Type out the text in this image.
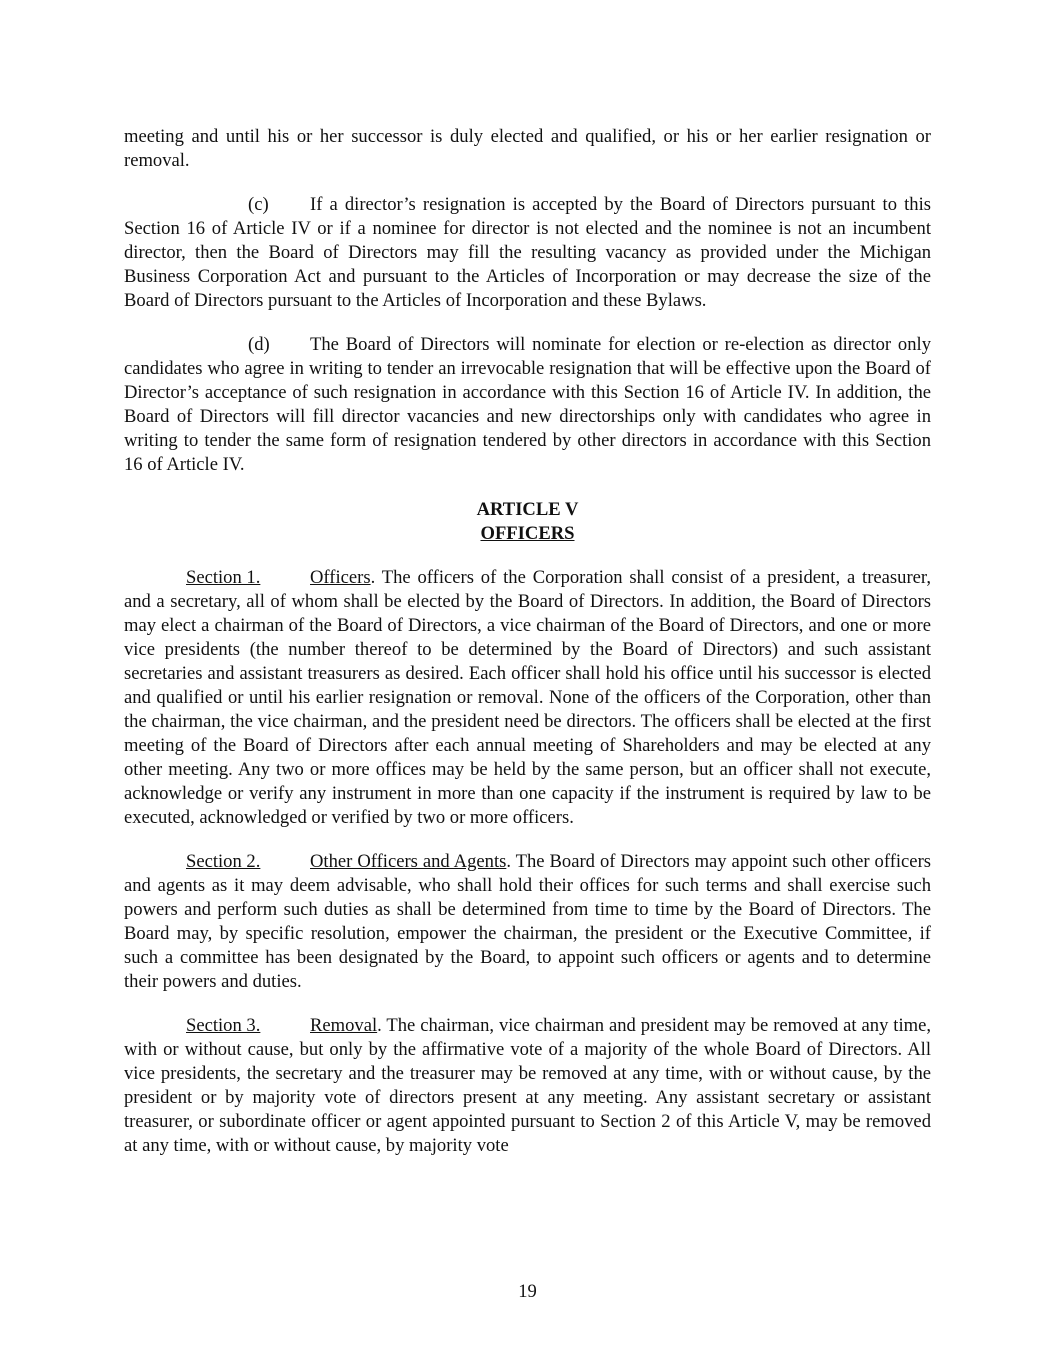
meeting and until his or her successor is duly elected and qualified, or his or her earlier resignation or removal.

(c) If a director’s resignation is accepted by the Board of Directors pursuant to this Section 16 of Article IV or if a nominee for director is not elected and the nominee is not an incumbent director, then the Board of Directors may fill the resulting vacancy as provided under the Michigan Business Corporation Act and pursuant to the Articles of Incorporation or may decrease the size of the Board of Directors pursuant to the Articles of Incorporation and these Bylaws.

(d) The Board of Directors will nominate for election or re-election as director only candidates who agree in writing to tender an irrevocable resignation that will be effective upon the Board of Director’s acceptance of such resignation in accordance with this Section 16 of Article IV. In addition, the Board of Directors will fill director vacancies and new directorships only with candidates who agree in writing to tender the same form of resignation tendered by other directors in accordance with this Section 16 of Article IV.

ARTICLE V
OFFICERS

Section 1.	Officers. The officers of the Corporation shall consist of a president, a treasurer, and a secretary, all of whom shall be elected by the Board of Directors. In addition, the Board of Directors may elect a chairman of the Board of Directors, a vice chairman of the Board of Directors, and one or more vice presidents (the number thereof to be determined by the Board of Directors) and such assistant secretaries and assistant treasurers as desired. Each officer shall hold his office until his successor is elected and qualified or until his earlier resignation or removal. None of the officers of the Corporation, other than the chairman, the vice chairman, and the president need be directors. The officers shall be elected at the first meeting of the Board of Directors after each annual meeting of Shareholders and may be elected at any other meeting. Any two or more offices may be held by the same person, but an officer shall not execute, acknowledge or verify any instrument in more than one capacity if the instrument is required by law to be executed, acknowledged or verified by two or more officers.

Section 2.	Other Officers and Agents. The Board of Directors may appoint such other officers and agents as it may deem advisable, who shall hold their offices for such terms and shall exercise such powers and perform such duties as shall be determined from time to time by the Board of Directors. The Board may, by specific resolution, empower the chairman, the president or the Executive Committee, if such a committee has been designated by the Board, to appoint such officers or agents and to determine their powers and duties.

Section 3.	Removal. The chairman, vice chairman and president may be removed at any time, with or without cause, but only by the affirmative vote of a majority of the whole Board of Directors. All vice presidents, the secretary and the treasurer may be removed at any time, with or without cause, by the president or by majority vote of directors present at any meeting. Any assistant secretary or assistant treasurer, or subordinate officer or agent appointed pursuant to Section 2 of this Article V, may be removed at any time, with or without cause, by majority vote

19
